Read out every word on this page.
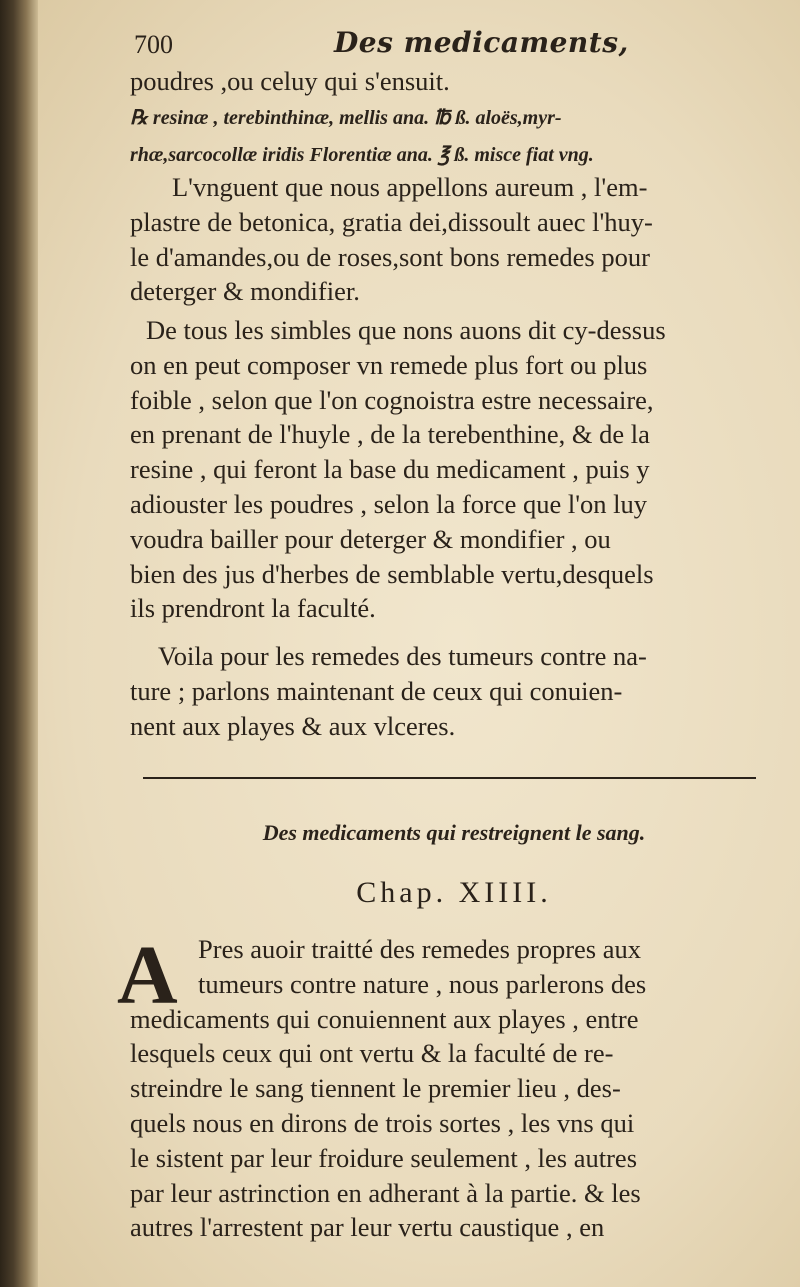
700	Des medicaments,

poudres ,ou celuy qui s'ensuit.

℞ resinæ , terebinthinæ, mellis ana. ℔ ß. aloës,myr-
rhæ,sarcocollæ iridis Florentiæ ana. ℥ ß. misce fiat vng.

L'vnguent que nous appellons aureum , l'em-
plastre de betonica, gratia dei,dissoult auec l'huy-
le d'amandes,ou de roses,sont bons remedes pour
deterger & mondifier.

De tous les simbles que nons auons dit cy-dessus
on en peut composer vn remede plus fort ou plus
foible , selon que l'on cognoistra estre necessaire,
en prenant de l'huyle , de la terebenthine, & de la
resine , qui feront la base du medicament , puis y
adiouster les poudres , selon la force que l'on luy
voudra bailler pour deterger & mondifier , ou
bien des jus d'herbes de semblable vertu,desquels
ils prendront la faculté.

Voila pour les remedes des tumeurs contre na-
ture ; parlons maintenant de ceux qui conuien-
nent aux playes & aux vlceres.

Des medicaments qui restreignent le sang.
Chap. XIIII.
A Pres auoir traitté des remedes propres aux
tumeurs contre nature , nous parlerons des
medicaments qui conuiennent aux playes , entre
lesquels ceux qui ont vertu & la faculté de re-
streindre le sang tiennent le premier lieu , des-
quels nous en dirons de trois sortes , les vns qui
le sistent par leur froidure seulement , les autres
par leur astrinction en adherant à la partie. & les
autres l'arrestent par leur vertu caustique , en
